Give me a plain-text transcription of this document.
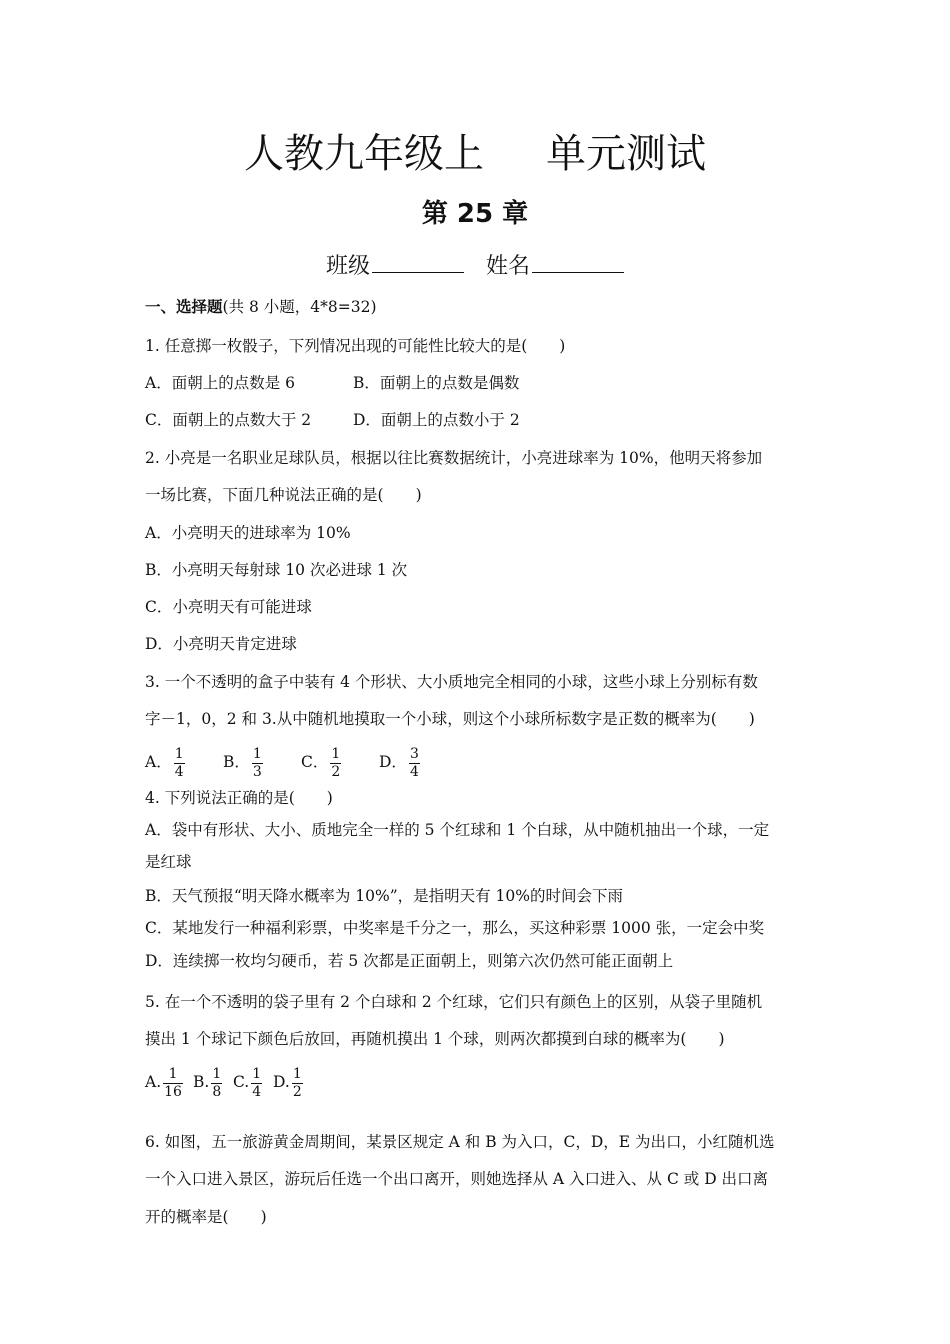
人教九年级上 单元测试
第 25 章
班级	姓名
一、选择题(共 8 小题，4*8=32)
1. 任意掷一枚骰子，下列情况出现的可能性比较大的是( )
A．面朝上的点数是 6	B．面朝上的点数是偶数
C．面朝上的点数大于 2	D．面朝上的点数小于 2
2. 小亮是一名职业足球队员，根据以往比赛数据统计，小亮进球率为 10%，他明天将参加
一场比赛，下面几种说法正确的是( )
A．小亮明天的进球率为 10%
B．小亮明天每射球 10 次必进球 1 次
C．小亮明天有可能进球
D．小亮明天肯定进球
3. 一个不透明的盒子中装有 4 个形状、大小质地完全相同的小球，这些小球上分别标有数
字－1，0，2 和 3.从中随机地摸取一个小球，则这个小球所标数字是正数的概率为( )
A． $\frac{1}{4}$ B． $\frac{1}{3}$ C． $\frac{1}{2}$ D． $\frac{3}{4}$
4. 下列说法正确的是( )
A．袋中有形状、大小、质地完全一样的 5 个红球和 1 个白球，从中随机抽出一个球，一定
是红球
B．天气预报“明天降水概率为 10%”，是指明天有 10%的时间会下雨
C．某地发行一种福利彩票，中奖率是千分之一，那么，买这种彩票 1000 张，一定会中奖
D．连续掷一枚均匀硬币，若 5 次都是正面朝上，则第六次仍然可能正面朝上
5. 在一个不透明的袋子里有 2 个白球和 2 个红球，它们只有颜色上的区别，从袋子里随机
摸出 1 个球记下颜色后放回，再随机摸出 1 个球，则两次都摸到白球的概率为( )
A. $\frac{1}{16} B$. $\frac{1}{8} C$. $\frac{1}{4} D$. $\frac{1}{2}$
6. 如图，五一旅游黄金周期间，某景区规定 A 和 B 为入口，C，D，E 为出口，小红随机选
一个入口进入景区，游玩后任选一个出口离开，则她选择从 A 入口进入、从 C 或 D 出口离
开的概率是( )
